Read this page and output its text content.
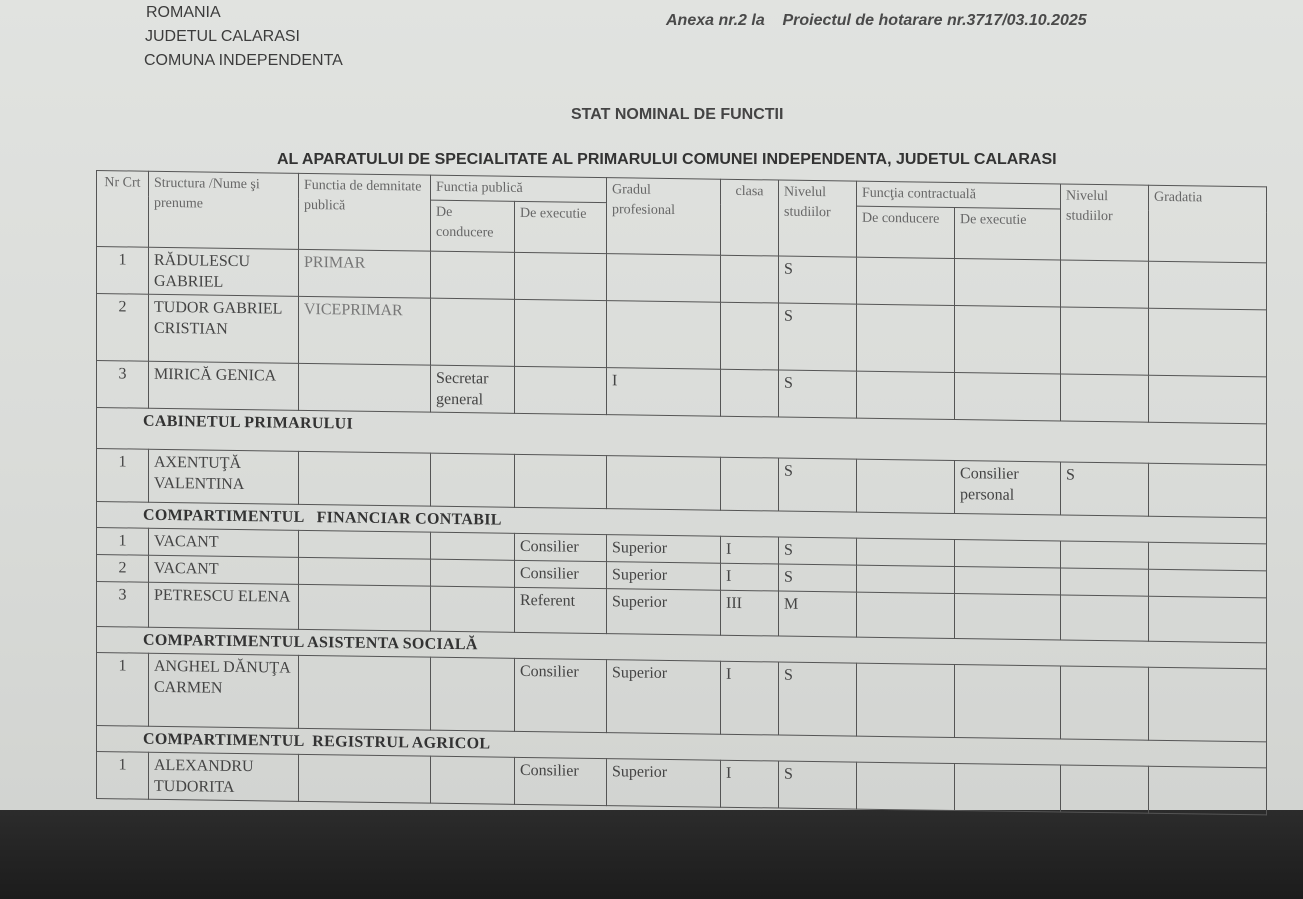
ROMANIA
JUDETUL CALARASI
COMUNA INDEPENDENTA
Anexa nr.2 la    Proiectul de hotarare nr.3717/03.10.2025
STAT NOMINAL DE FUNCTII
AL APARATULUI DE SPECIALITATE AL PRIMARULUI COMUNEI INDEPENDENTA, JUDETUL CALARASI
Nr Crt	Structura /Nume şi prenume	Functia de demnitate publică	Functia publică		Gradul profesional	clasa	Nivelul studiilor	Funcţia contractuală		Nivelul studiilor	Gradatia
			De conducere	De executie				De conducere	De executie		
1	RĂDULESCU GABRIEL	PRIMAR					S				
2	TUDOR GABRIEL CRISTIAN	VICEPRIMAR					S				
3	MIRICĂ GENICA		Secretar general		I		S				
CABINETUL PRIMARULUI											
1	AXENTUŢĂ VALENTINA						S		Consilier personal	S	
COMPARTIMENTUL   FINANCIAR CONTABIL											
1	VACANT			Consilier	Superior	I	S				
2	VACANT			Consilier	Superior	I	S				
3	PETRESCU ELENA			Referent	Superior	III	M				
COMPARTIMENTUL ASISTENTA SOCIALĂ											
1	ANGHEL DĂNUŢA CARMEN			Consilier	Superior	I	S				
COMPARTIMENTUL  REGISTRUL AGRICOL											
1	ALEXANDRU TUDORITA			Consilier	Superior	I	S				
